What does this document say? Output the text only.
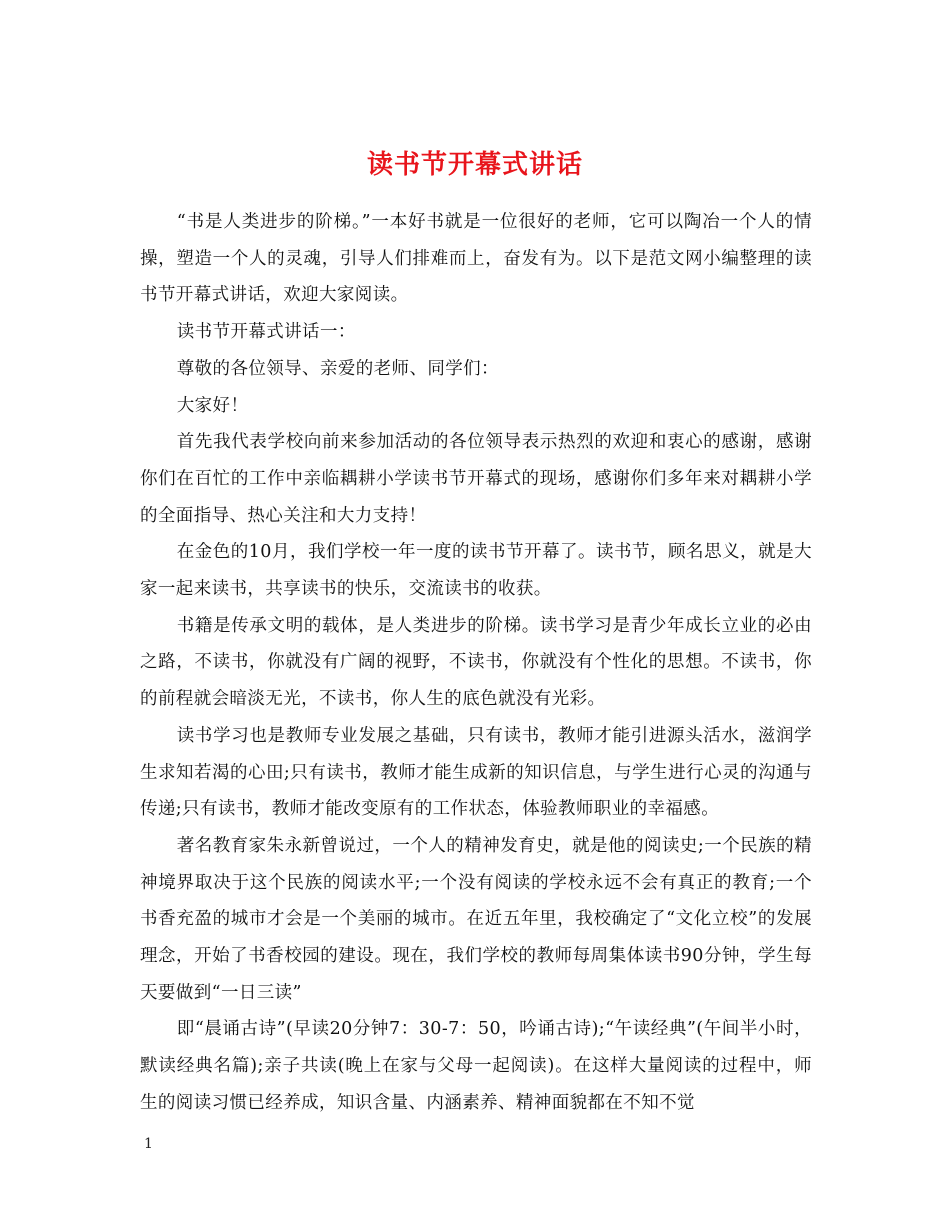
读书节开幕式讲话

“书是人类进步的阶梯。”一本好书就是一位很好的老师，它可以陶冶一个人的情操，塑造一个人的灵魂，引导人们排难而上，奋发有为。以下是范文网小编整理的读书节开幕式讲话，欢迎大家阅读。

读书节开幕式讲话一：

尊敬的各位领导、亲爱的老师、同学们：

大家好！

首先我代表学校向前来参加活动的各位领导表示热烈的欢迎和衷心的感谢，感谢你们在百忙的工作中亲临耦耕小学读书节开幕式的现场，感谢你们多年来对耦耕小学的全面指导、热心关注和大力支持！

在金色的10月，我们学校一年一度的读书节开幕了。读书节，顾名思义，就是大家一起来读书，共享读书的快乐，交流读书的收获。

书籍是传承文明的载体，是人类进步的阶梯。读书学习是青少年成长立业的必由之路，不读书，你就没有广阔的视野，不读书，你就没有个性化的思想。不读书，你的前程就会暗淡无光，不读书，你人生的底色就没有光彩。

读书学习也是教师专业发展之基础，只有读书，教师才能引进源头活水，滋润学生求知若渴的心田;只有读书，教师才能生成新的知识信息，与学生进行心灵的沟通与传递;只有读书，教师才能改变原有的工作状态，体验教师职业的幸福感。

著名教育家朱永新曾说过，一个人的精神发育史，就是他的阅读史;一个民族的精神境界取决于这个民族的阅读水平;一个没有阅读的学校永远不会有真正的教育;一个书香充盈的城市才会是一个美丽的城市。在近五年里，我校确定了“文化立校”的发展理念，开始了书香校园的建设。现在，我们学校的教师每周集体读书90分钟，学生每天要做到“一日三读”

即“晨诵古诗”(早读20分钟7：30-7：50，吟诵古诗);“午读经典”(午间半小时，默读经典名篇);亲子共读(晚上在家与父母一起阅读)。在这样大量阅读的过程中，师生的阅读习惯已经养成，知识含量、内涵素养、精神面貌都在不知不觉

1
